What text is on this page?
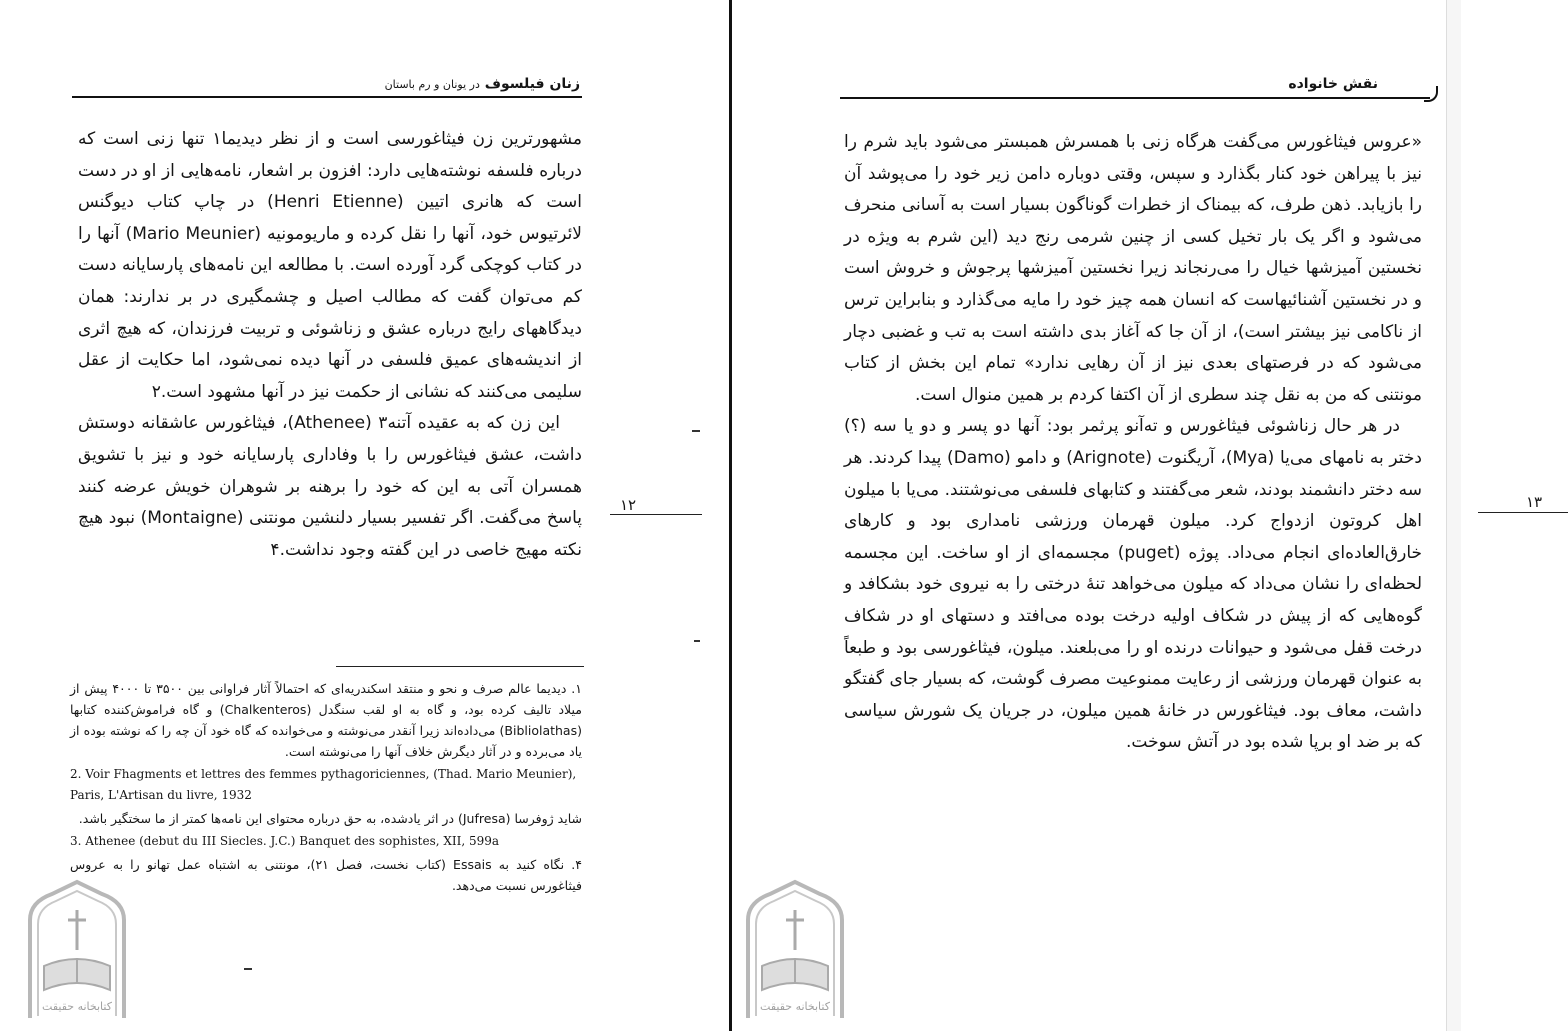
زنان فیلسوف در یونان و رم باستان

مشهورترین زن فیثاغورسی است و از نظر دیدیما۱ تنها زنی است که درباره فلسفه نوشته‌هایی دارد: افزون بر اشعار، نامه‌هایی از او در دست است که هانری اتیین (Henri Etienne) در چاپ کتاب دیوگنس لائرتیوس خود، آنها را نقل کرده و ماریومونیه (Mario Meunier) آنها را در کتاب کوچکی گرد آورده است. با مطالعه این نامه‌های پارسایانه دست کم می‌توان گفت که مطالب اصیل و چشمگیری در بر ندارند: همان دیدگاههای رایج درباره عشق و زناشوئی و تربیت فرزندان، که هیچ اثری از اندیشه‌های عمیق فلسفی در آنها دیده نمی‌شود، اما حکایت از عقل سلیمی می‌کنند که نشانی از حکمت نیز در آنها مشهود است.۲

این زن که به عقیده آتنه۳ (Athenee)، فیثاغورس عاشقانه دوستش داشت، عشق فیثاغورس را با وفاداری پارسایانه خود و نیز با تشویق همسران آتی به این که خود را برهنه بر شوهران خویش عرضه کنند پاسخ می‌گفت. اگر تفسیر بسیار دلنشین مونتنی (Montaigne) نبود هیچ نکته مهیج خاصی در این گفته وجود نداشت.۴

۱۲

۱. دیدیما عالم صرف و نحو و منتقد اسکندریه‌ای که احتمالاً آثار فراوانی بین ۳۵۰۰ تا ۴۰۰۰ پیش از میلاد تالیف کرده بود، و گاه به او لقب سنگدل (Chalkenteros) و گاه فراموش‌کننده کتابها (Bibliolathas) می‌داده‌اند زیرا آنقدر می‌نوشته و می‌خوانده که گاه خود آن چه را که نوشته بوده از یاد می‌برده و در آثار دیگرش خلاف آنها را می‌نوشته است.

2. Voir Fhagments et lettres des femmes pythagoriciennes, (Thad. Mario Meunier), Paris, L'Artisan du livre, 1932

شاید ژوفرسا (Jufresa) در اثر یادشده، به حق درباره محتوای این نامه‌ها کمتر از ما سختگیر باشد.

3. Athenee (debut du III Siecles. J.C.) Banquet des sophistes, XII, 599a

۴. نگاه کنید به Essais (کتاب نخست، فصل ۲۱)، مونتنی به اشتباه عمل تهانو را به عروس فیثاغورس نسبت می‌دهد.

کتابخانه حقیقت
نقش خانواده

«عروس فیثاغورس می‌گفت هرگاه زنی با همسرش همبستر می‌شود باید شرم را نیز با پیراهن خود کنار بگذارد و سپس، وقتی دوباره دامن زیر خود را می‌پوشد آن را بازیابد. ذهن طرف، که بیمناک از خطرات گوناگون بسیار است به آسانی منحرف می‌شود و اگر یک بار تخیل کسی از چنین شرمی رنج دید (این شرم به ویژه در نخستین آمیزشها خیال را می‌رنجاند زیرا نخستین آمیزشها پرجوش و خروش است و در نخستین آشنائیهاست که انسان همه چیز خود را مایه می‌گذارد و بنابراین ترس از ناکامی نیز بیشتر است)، از آن جا که آغاز بدی داشته است به تب و غضبی دچار می‌شود که در فرصتهای بعدی نیز از آن رهایی ندارد» تمام این بخش از کتاب مونتنی که من به نقل چند سطری از آن اکتفا کردم بر همین منوال است.

در هر حال زناشوئی فیثاغورس و ته‌آنو پرثمر بود: آنها دو پسر و دو یا سه (؟) دختر به نامهای می‌یا (Mya)، آریگنوت (Arignote) و دامو (Damo) پیدا کردند. هر سه دختر دانشمند بودند، شعر می‌گفتند و کتابهای فلسفی می‌نوشتند. می‌یا با میلون اهل کروتون ازدواج کرد. میلون قهرمان ورزشی نامداری بود و کارهای خارق‌العاده‌ای انجام می‌داد. پوژه (puget) مجسمه‌ای از او ساخت. این مجسمه لحظه‌ای را نشان می‌داد که میلون می‌خواهد تنهٔ درختی را به نیروی خود بشکافد و گوه‌هایی که از پیش در شکاف اولیه درخت بوده می‌افتد و دستهای او در شکاف درخت قفل می‌شود و حیوانات درنده او را می‌بلعند. میلون، فیثاغورسی بود و طبعاً به عنوان قهرمان ورزشی از رعایت ممنوعیت مصرف گوشت، که بسیار جای گفتگو داشت، معاف بود. فیثاغورس در خانهٔ همین میلون، در جریان یک شورش سیاسی که بر ضد او برپا شده بود در آتش سوخت.

۱۳
کتابخانه حقیقت
